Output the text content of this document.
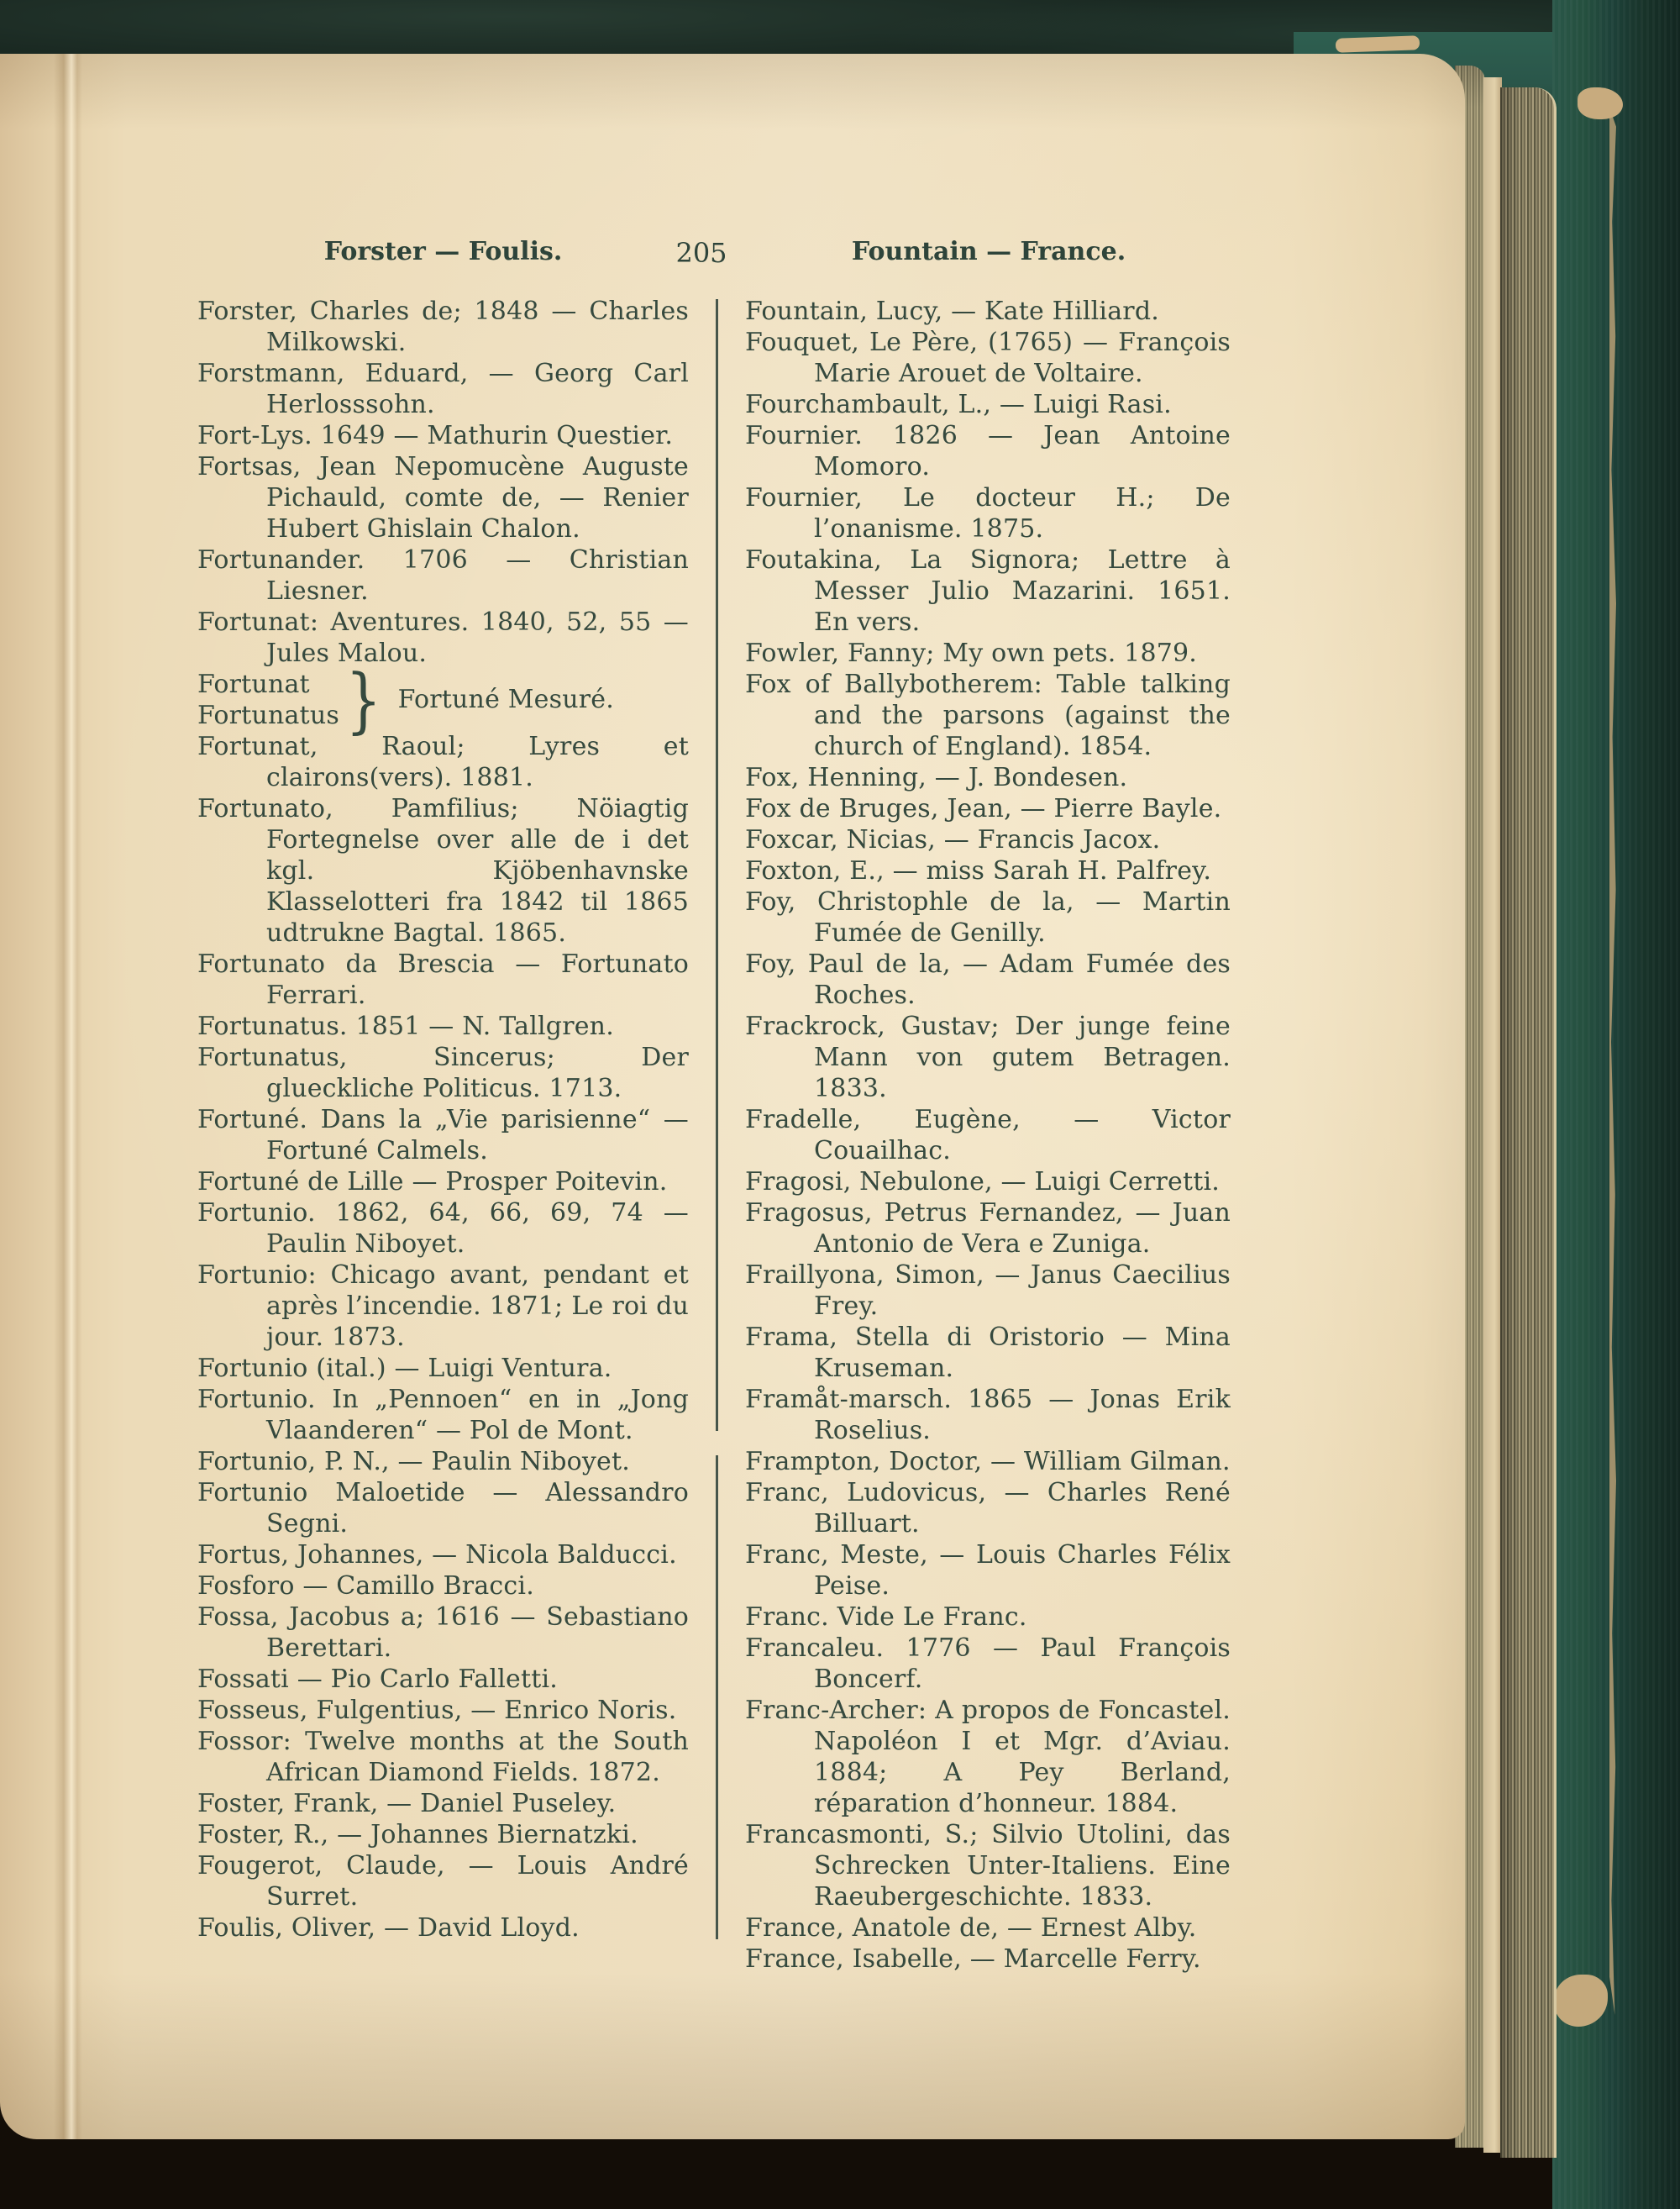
Forster — Foulis.	205	Fountain — France.

Forster, Charles de; 1848 — Charles Milkowski.

Forstmann, Eduard, — Georg Carl Herlosssohn.

Fort-Lys. 1649 — Mathurin Questier.

Fortsas, Jean Nepomucène Auguste Pichauld, comte de, — Renier Hubert Ghislain Chalon.

Fortunander. 1706 — Christian Liesner.

Fortunat: Aventures. 1840, 52, 55 — Jules Malou.

Fortunat
Fortunatus } Fortuné Mesuré.

Fortunat, Raoul; Lyres et clairons(vers). 1881.

Fortunato, Pamfilius; Nöiagtig Fortegnelse over alle de i det kgl. Kjöbenhavnske Klasselotteri fra 1842 til 1865 udtrukne Bagtal. 1865.

Fortunato da Brescia — Fortunato Ferrari.

Fortunatus. 1851 — N. Tallgren.

Fortunatus, Sincerus; Der glueckliche Politicus. 1713.

Fortuné. Dans la „Vie parisienne“ — Fortuné Calmels.

Fortuné de Lille — Prosper Poitevin.

Fortunio. 1862, 64, 66, 69, 74 — Paulin Niboyet.

Fortunio: Chicago avant, pendant et après l’incendie. 1871; Le roi du jour. 1873.

Fortunio (ital.) — Luigi Ventura.

Fortunio. In „Pennoen“ en in „Jong Vlaanderen“ — Pol de Mont.

Fortunio, P. N., — Paulin Niboyet.

Fortunio Maloetide — Alessandro Segni.

Fortus, Johannes, — Nicola Balducci.

Fosforo — Camillo Bracci.

Fossa, Jacobus a; 1616 — Sebastiano Berettari.

Fossati — Pio Carlo Falletti.

Fosseus, Fulgentius, — Enrico Noris.

Fossor: Twelve months at the South African Diamond Fields. 1872.

Foster, Frank, — Daniel Puseley.

Foster, R., — Johannes Biernatzki.

Fougerot, Claude, — Louis André Surret.

Foulis, Oliver, — David Lloyd.

Fountain, Lucy, — Kate Hilliard.

Fouquet, Le Père, (1765) — François Marie Arouet de Voltaire.

Fourchambault, L., — Luigi Rasi.

Fournier. 1826 — Jean Antoine Momoro.

Fournier, Le docteur H.; De l’onanisme. 1875.

Foutakina, La Signora; Lettre à Messer Julio Mazarini. 1651. En vers.

Fowler, Fanny; My own pets. 1879.

Fox of Ballybotherem: Table talking and the parsons (against the church of England). 1854.

Fox, Henning, — J. Bondesen.

Fox de Bruges, Jean, — Pierre Bayle.

Foxcar, Nicias, — Francis Jacox.

Foxton, E., — miss Sarah H. Palfrey.

Foy, Christophle de la, — Martin Fumée de Genilly.

Foy, Paul de la, — Adam Fumée des Roches.

Frackrock, Gustav; Der junge feine Mann von gutem Betragen. 1833.

Fradelle, Eugène, — Victor Couailhac.

Fragosi, Nebulone, — Luigi Cerretti.

Fragosus, Petrus Fernandez, — Juan Antonio de Vera e Zuniga.

Fraillyona, Simon, — Janus Caecilius Frey.

Frama, Stella di Oristorio — Mina Kruseman.

Framåt-marsch. 1865 — Jonas Erik Roselius.

Frampton, Doctor, — William Gilman.

Franc, Ludovicus, — Charles René Billuart.

Franc, Meste, — Louis Charles Félix Peise.

Franc. Vide Le Franc.

Francaleu. 1776 — Paul François Boncerf.

Franc-Archer: A propos de Foncastel. Napoléon I et Mgr. d’Aviau. 1884; A Pey Berland, réparation d’honneur. 1884.

Francasmonti, S.; Silvio Utolini, das Schrecken Unter-Italiens. Eine Raeubergeschichte. 1833.

France, Anatole de, — Ernest Alby.

France, Isabelle, — Marcelle Ferry.
